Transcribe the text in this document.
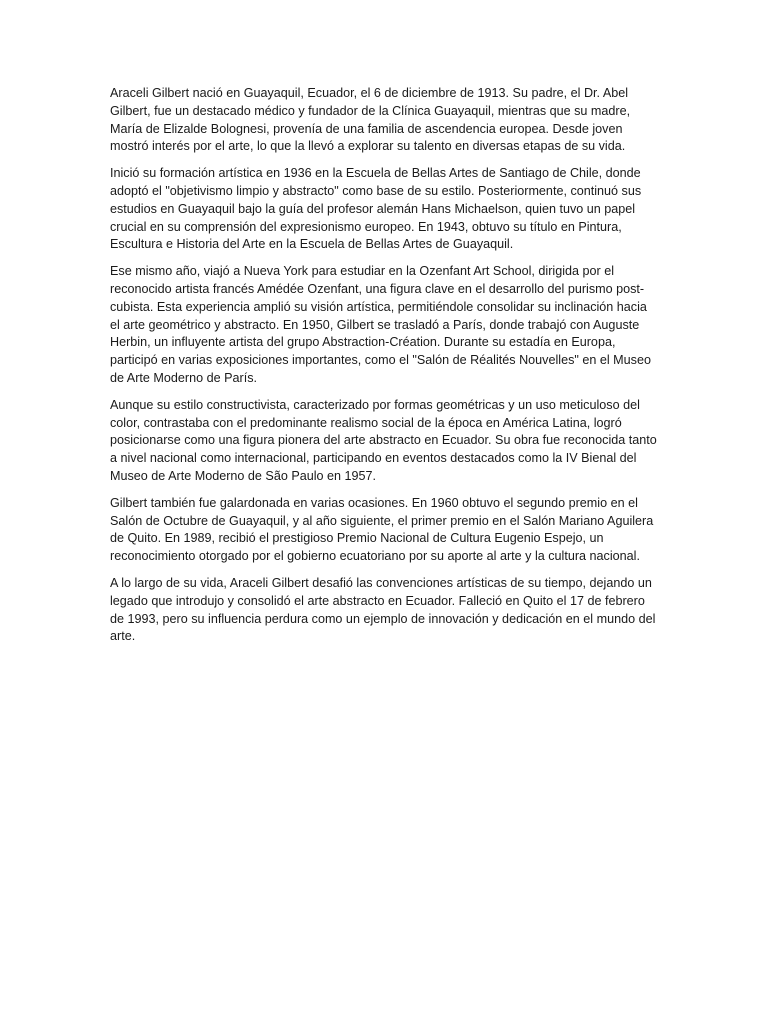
Araceli Gilbert nació en Guayaquil, Ecuador, el 6 de diciembre de 1913. Su padre, el Dr. Abel Gilbert, fue un destacado médico y fundador de la Clínica Guayaquil, mientras que su madre, María de Elizalde Bolognesi, provenía de una familia de ascendencia europea. Desde joven mostró interés por el arte, lo que la llevó a explorar su talento en diversas etapas de su vida.

Inició su formación artística en 1936 en la Escuela de Bellas Artes de Santiago de Chile, donde adoptó el "objetivismo limpio y abstracto" como base de su estilo. Posteriormente, continuó sus estudios en Guayaquil bajo la guía del profesor alemán Hans Michaelson, quien tuvo un papel crucial en su comprensión del expresionismo europeo. En 1943, obtuvo su título en Pintura, Escultura e Historia del Arte en la Escuela de Bellas Artes de Guayaquil.

Ese mismo año, viajó a Nueva York para estudiar en la Ozenfant Art School, dirigida por el reconocido artista francés Amédée Ozenfant, una figura clave en el desarrollo del purismo post-cubista. Esta experiencia amplió su visión artística, permitiéndole consolidar su inclinación hacia el arte geométrico y abstracto. En 1950, Gilbert se trasladó a París, donde trabajó con Auguste Herbin, un influyente artista del grupo Abstraction-Création. Durante su estadía en Europa, participó en varias exposiciones importantes, como el "Salón de Réalités Nouvelles" en el Museo de Arte Moderno de París.

Aunque su estilo constructivista, caracterizado por formas geométricas y un uso meticuloso del color, contrastaba con el predominante realismo social de la época en América Latina, logró posicionarse como una figura pionera del arte abstracto en Ecuador. Su obra fue reconocida tanto a nivel nacional como internacional, participando en eventos destacados como la IV Bienal del Museo de Arte Moderno de São Paulo en 1957.

Gilbert también fue galardonada en varias ocasiones. En 1960 obtuvo el segundo premio en el Salón de Octubre de Guayaquil, y al año siguiente, el primer premio en el Salón Mariano Aguilera de Quito. En 1989, recibió el prestigioso Premio Nacional de Cultura Eugenio Espejo, un reconocimiento otorgado por el gobierno ecuatoriano por su aporte al arte y la cultura nacional.

A lo largo de su vida, Araceli Gilbert desafió las convenciones artísticas de su tiempo, dejando un legado que introdujo y consolidó el arte abstracto en Ecuador. Falleció en Quito el 17 de febrero de 1993, pero su influencia perdura como un ejemplo de innovación y dedicación en el mundo del arte.
